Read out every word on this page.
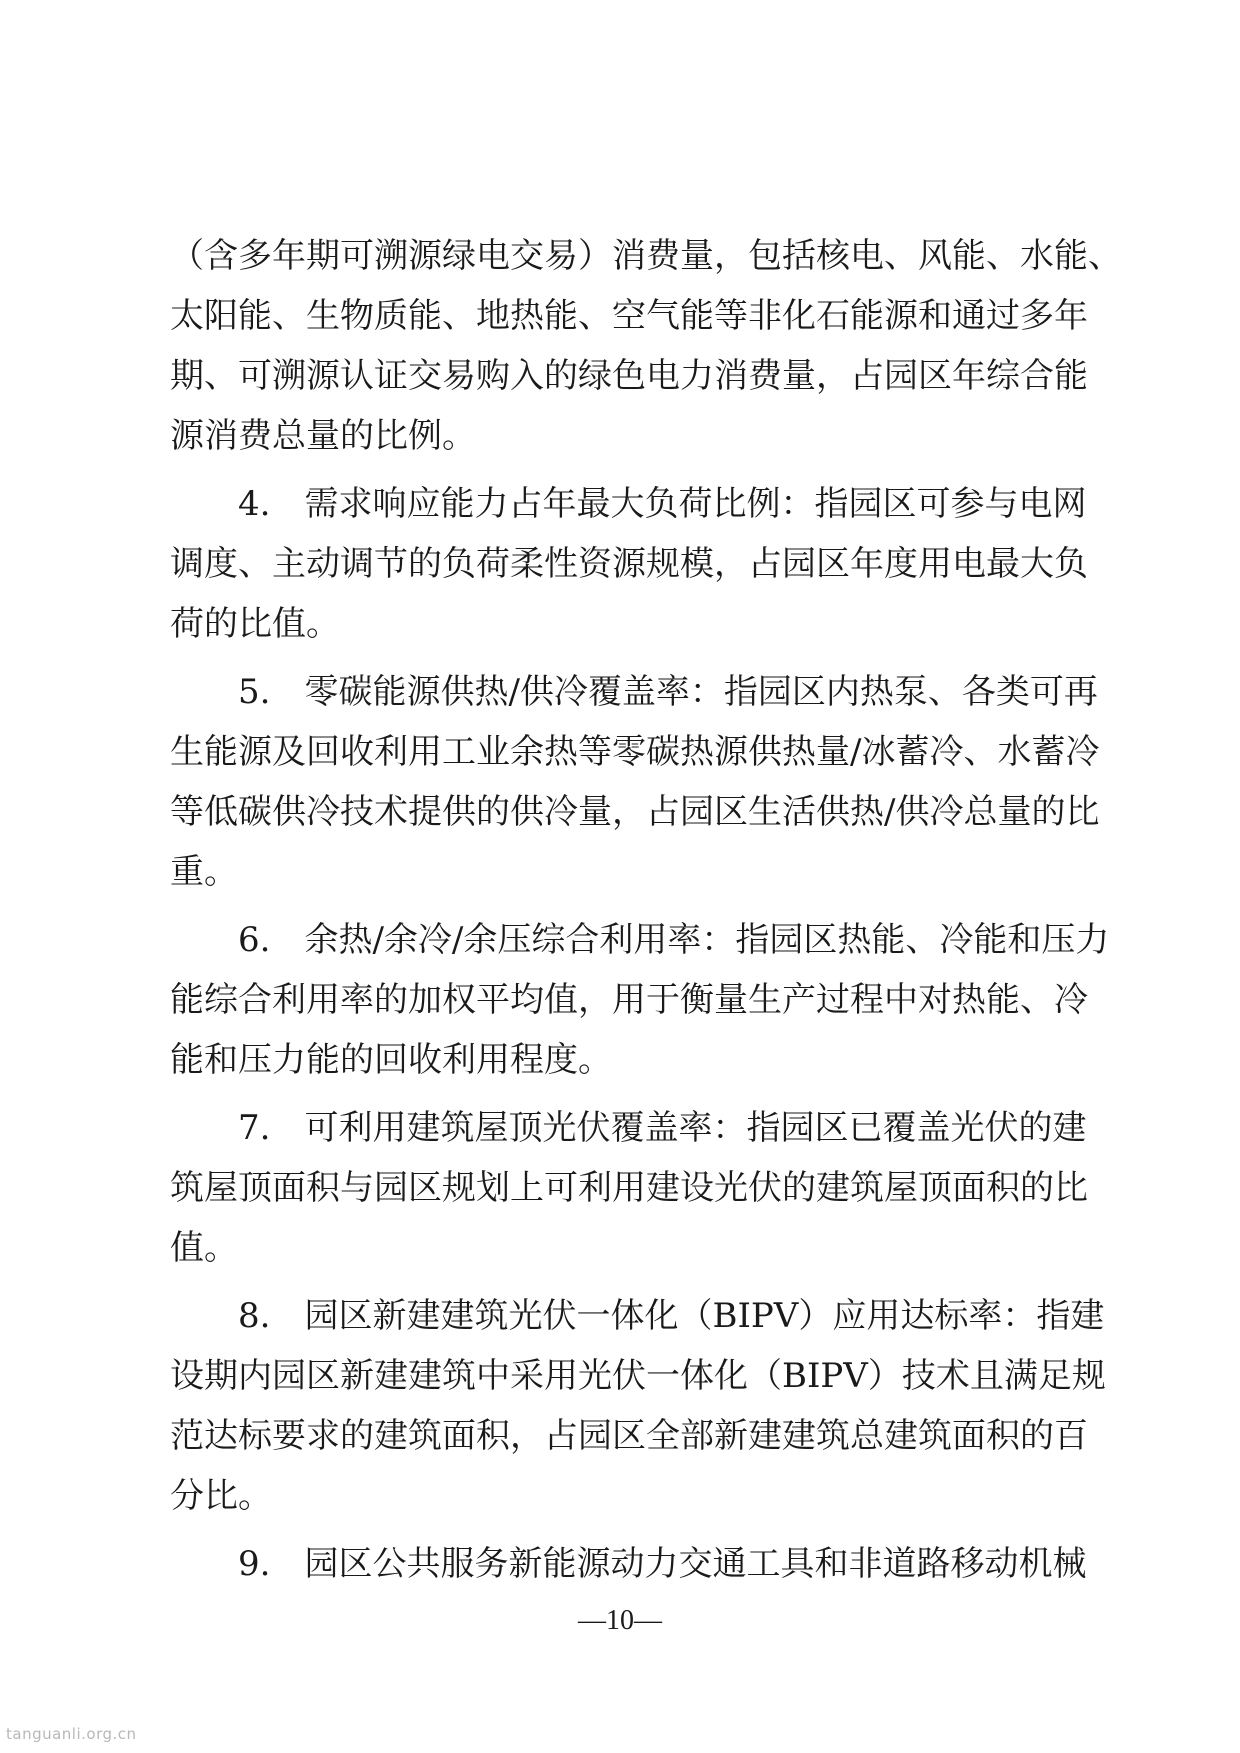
（ 含 多 年 期 可 溯 源 绿 电 交 易 ） 消 费 量 ， 包 括 核 电 、 风 能 、 水 能 、
太 阳 能 、 生 物 质 能 、 地 热 能 、 空 气 能 等 非 化 石 能 源 和 通 过 多 年
期 、 可 溯 源 认 证 交 易 购 入 的 绿 色 电 力 消 费 量 ， 占 园 区 年 综 合 能
源 消 费 总 量 的 比 例 。
4.
　 需 求 响 应 能 力 占 年 最 大 负 荷 比 例 ： 指 园 区 可 参 与 电 网
调 度 、 主 动 调 节 的 负 荷 柔 性 资 源 规 模 ， 占 园 区 年 度 用 电 最 大 负
荷 的 比 值 。
5.
　 零 碳 能 源 供 热 / 供 冷 覆 盖 率 ： 指 园 区 内 热 泵 、 各 类 可 再
生 能 源 及 回 收 利 用 工 业 余 热 等 零 碳 热 源 供 热 量 / 冰 蓄 冷 、 水 蓄 冷
等 低 碳 供 冷 技 术 提 供 的 供 冷 量 ， 占 园 区 生 活 供 热 / 供 冷 总 量 的 比
重 。
6.
　 余 热 / 余 冷 / 余 压 综 合 利 用 率 ： 指 园 区 热 能 、 冷 能 和 压 力
能 综 合 利 用 率 的 加 权 平 均 值 ， 用 于 衡 量 生 产 过 程 中 对 热 能 、 冷
能 和 压 力 能 的 回 收 利 用 程 度 。
7.
　 可 利 用 建 筑 屋 顶 光 伏 覆 盖 率 ： 指 园 区 已 覆 盖 光 伏 的 建
筑 屋 顶 面 积 与 园 区 规 划 上 可 利 用 建 设 光 伏 的 建 筑 屋 顶 面 积 的 比
值 。
8.
　 园 区 新 建 建 筑 光 伏 一 体 化 （ BIPV ） 应 用 达 标 率 ： 指 建
设 期 内 园 区 新 建 建 筑 中 采 用 光 伏 一 体 化 （ BIPV ） 技 术 且 满 足 规
范 达 标 要 求 的 建 筑 面 积 ， 占 园 区 全 部 新 建 建 筑 总 建 筑 面 积 的 百
分 比 。
9.
　 园 区 公 共 服 务 新 能 源 动 力 交 通 工 具 和 非 道 路 移 动 机 械
—10—
tanguanli.org.cn
